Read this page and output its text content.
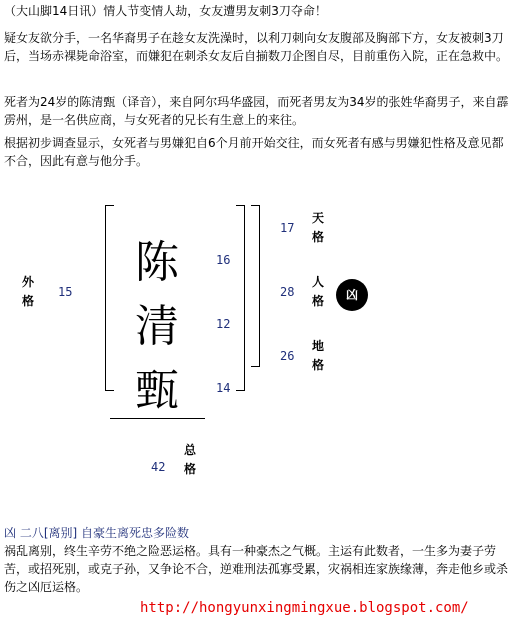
（大山脚14日讯）情人节变情人劫，女友遭男友刺3刀夺命！

疑女友欲分手，一名华裔男子在趁女友洗澡时，以利刀刺向女友腹部及胸部下方，女友被刺3刀后，当场赤裸毙命浴室，而嫌犯在刺杀女友后自揃数刀企图自尽，目前重伤入院，正在急救中。

死者为24岁的陈清甄（译音），来自阿尔玛华盛园，而死者男友为34岁的张姓华裔男子，来自霹雳州，是一名供应商，与女死者的兄长有生意上的来往。

根据初步调查显示，女死者与男嫌犯自6个月前开始交往，而女死者有感与男嫌犯性格及意见都不合，因此有意与他分手。

陈
清
甄
16
12
14
外格
15
17
天格
28
人格
26
地格
凶
总格
42
凶 二八[离别] 自豪生离死忠多险数
祸乱离别，终生辛劳不绝之险恶运格。具有一种豪杰之气概。主运有此数者，一生多为妻子劳苦，或招死别，或克子孙，又争论不合，逆难刑法孤寡受累，灾祸相连家族缘薄，奔走他乡或杀伤之凶厄运格。
http://hongyunxingmingxue.blogspot.com/
